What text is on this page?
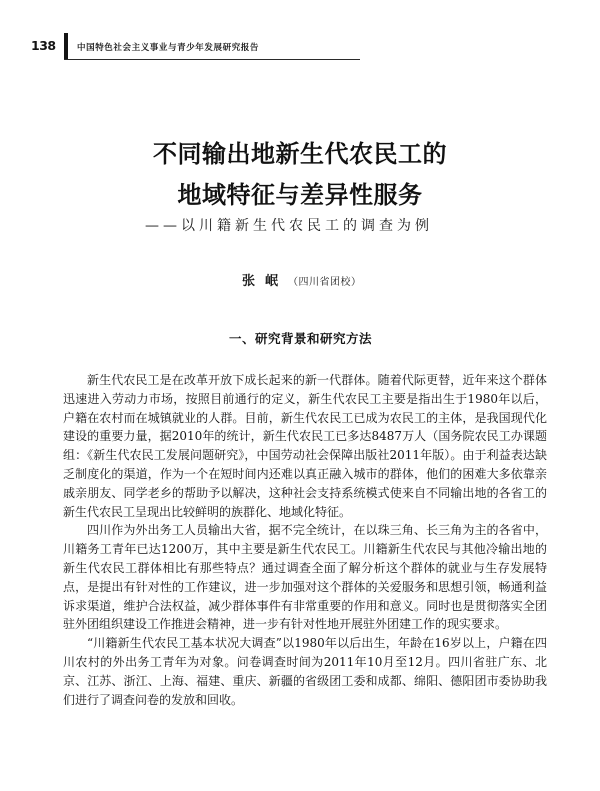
138	中国特色社会主义事业与青少年发展研究报告
不同输出地新生代农民工的
地域特征与差异性服务
——以川籍新生代农民工的调查为例
张岷（四川省团校）
一、研究背景和研究方法

新生代农民工是在改革开放下成长起来的新一代群体。随着代际更替，近年来这个群体迅速进入劳动力市场，按照目前通行的定义，新生代农民工主要是指出生于1980年以后，户籍在农村而在城镇就业的人群。目前，新生代农民工已成为农民工的主体，是我国现代化建设的重要力量，据2010年的统计，新生代农民工已多达8487万人（国务院农民工办课题组：《新生代农民工发展问题研究》，中国劳动社会保障出版社2011年版）。由于利益表达缺乏制度化的渠道，作为一个在短时间内还难以真正融入城市的群体，他们的困难大多依靠亲戚亲朋友、同学老乡的帮助予以解决，这种社会支持系统模式使来自不同输出地的各省工的新生代农民工呈现出比较鲜明的族群化、地域化特征。

四川作为外出务工人员输出大省，据不完全统计，在以珠三角、长三角为主的各省中，川籍务工青年已达1200万，其中主要是新生代农民工。川籍新生代农民与其他冷输出地的新生代农民工群体相比有那些特点？通过调查全面了解分析这个群体的就业与生存发展特点，是提出有针对性的工作建议，进一步加强对这个群体的关爱服务和思想引领，畅通利益诉求渠道，维护合法权益，减少群体事件有非常重要的作用和意义。同时也是贯彻落实全团驻外团组织建设工作推进会精神，进一步有针对性地开展驻外团建工作的现实要求。

“川籍新生代农民工基本状况大调查”以1980年以后出生，年龄在16岁以上，户籍在四川农村的外出务工青年为对象。问卷调查时间为2011年10月至12月。四川省驻广东、北京、江苏、浙江、上海、福建、重庆、新疆的省级团工委和成都、绵阳、德阳团市委协助我们进行了调查问卷的发放和回收。
